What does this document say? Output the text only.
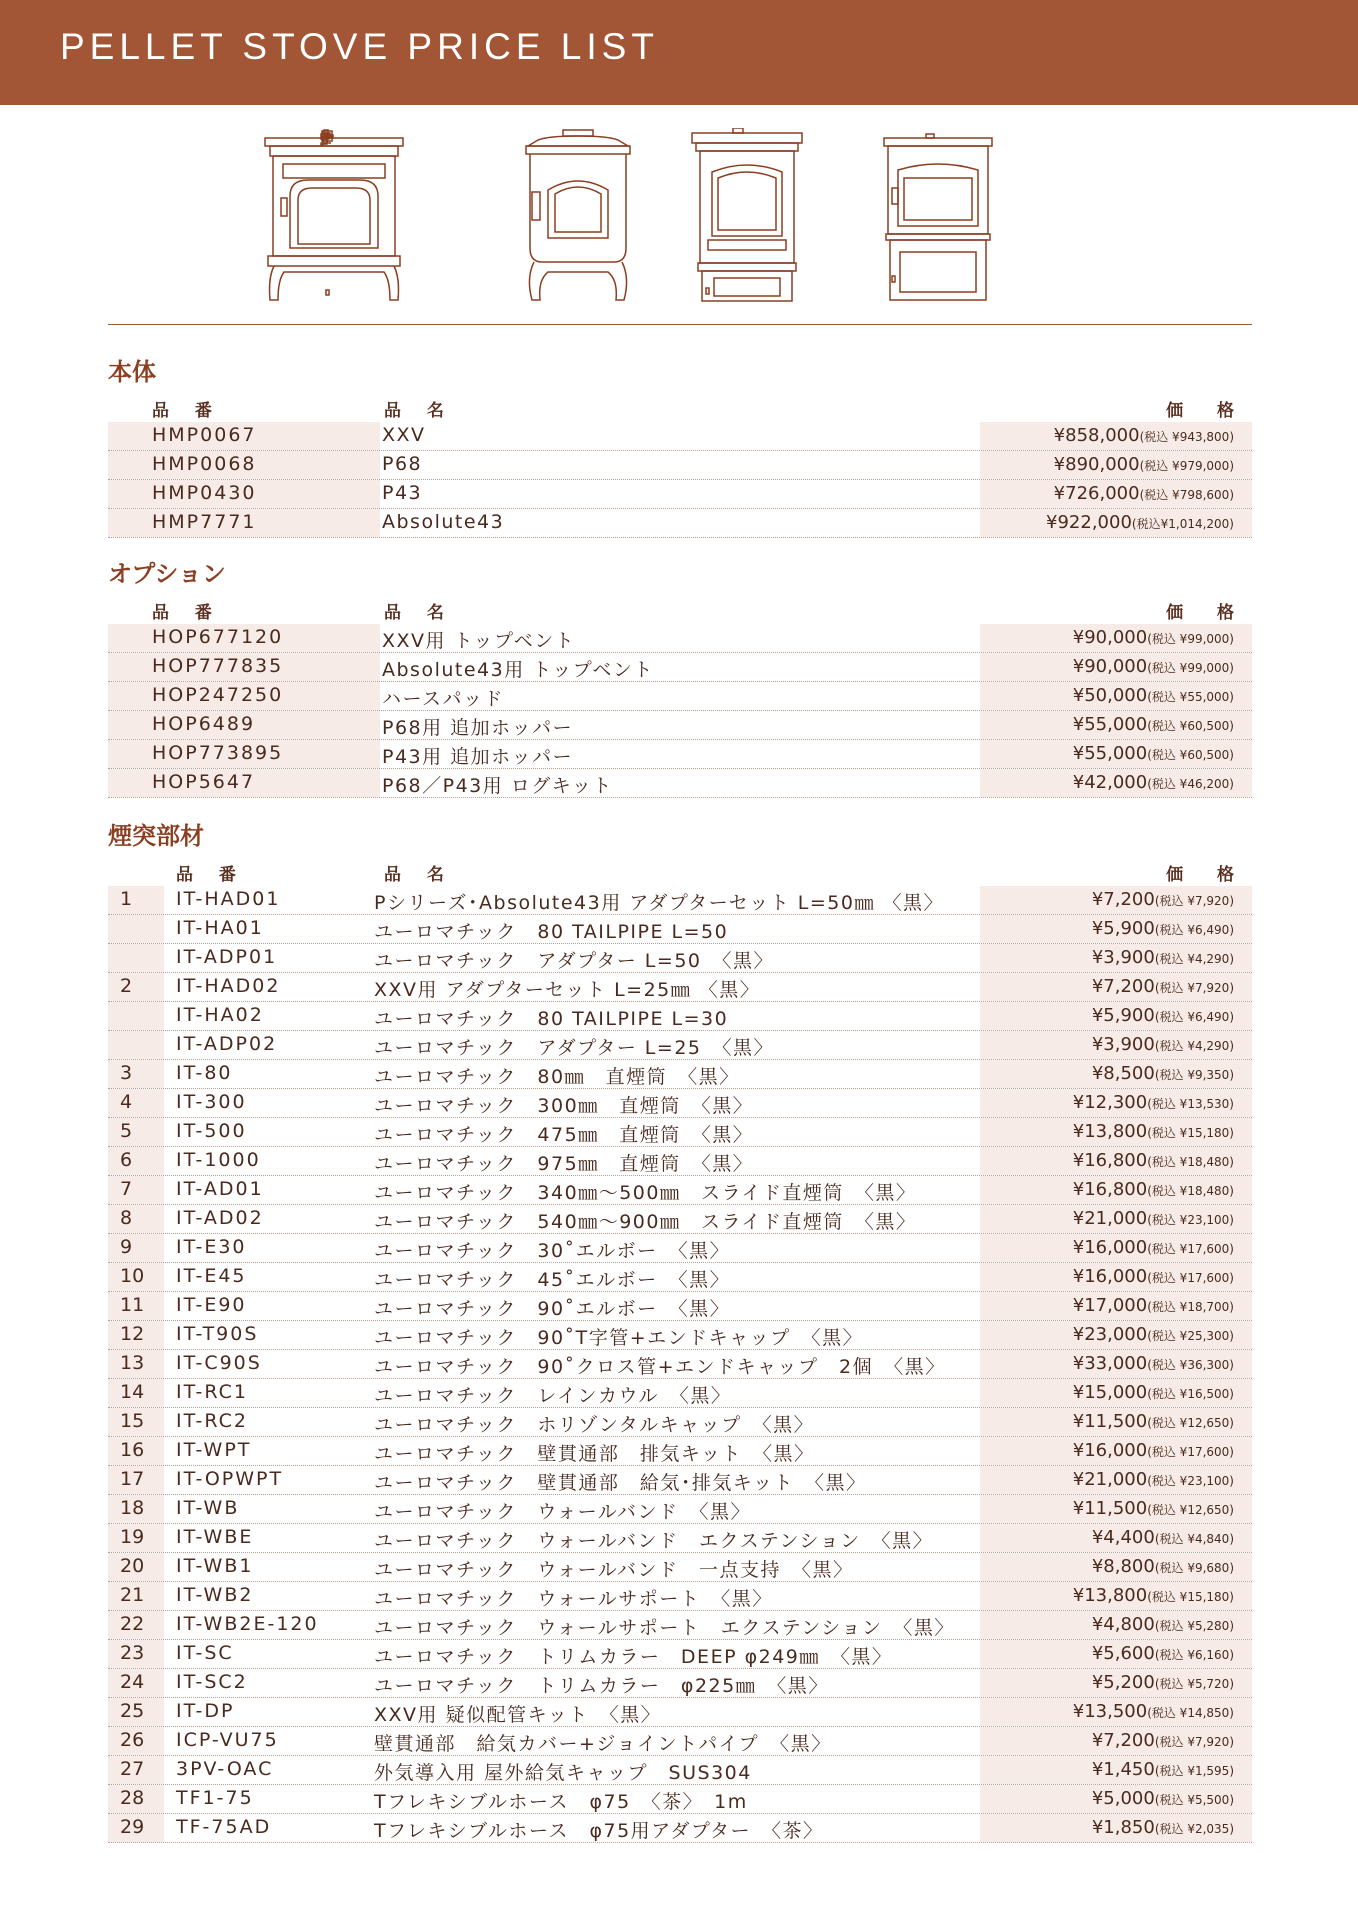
PELLET STOVE PRICE LIST
本体
品 番	品 名	価 格
HMP0067	XXV	¥858,000(税込 ¥943,800)
HMP0068	P68	¥890,000(税込 ¥979,000)
HMP0430	P43	¥726,000(税込 ¥798,600)
HMP7771	Absolute43	¥922,000(税込¥1,014,200)
オプション
品 番	品 名	価 格
HOP677120	XXV用 トップベント	¥90,000(税込 ¥99,000)
HOP777835	Absolute43用 トップベント	¥90,000(税込 ¥99,000)
HOP247250	ハースパッド	¥50,000(税込 ¥55,000)
HOP6489	P68用 追加ホッパー	¥55,000(税込 ¥60,500)
HOP773895	P43用 追加ホッパー	¥55,000(税込 ¥60,500)
HOP5647	P68／P43用 ログキット	¥42,000(税込 ¥46,200)
煙突部材
品 番	品 名	価 格
1 IT-HAD01	Pシリーズ･Absolute43用 アダプターセット L=50㎜ 〈黒〉	¥7,200(税込 ¥7,920)
IT-HA01	ユーロマチック　80 TAILPIPE L=50	¥5,900(税込 ¥6,490)
IT-ADP01	ユーロマチック　アダプター L=50　〈黒〉	¥3,900(税込 ¥4,290)
2 IT-HAD02	XXV用 アダプターセット L=25㎜ 〈黒〉	¥7,200(税込 ¥7,920)
IT-HA02	ユーロマチック　80 TAILPIPE L=30	¥5,900(税込 ¥6,490)
IT-ADP02	ユーロマチック　アダプター L=25　〈黒〉	¥3,900(税込 ¥4,290)
3 IT-80	ユーロマチック　80㎜　直煙筒　〈黒〉	¥8,500(税込 ¥9,350)
4 IT-300	ユーロマチック　300㎜　直煙筒　〈黒〉	¥12,300(税込 ¥13,530)
5 IT-500	ユーロマチック　475㎜　直煙筒　〈黒〉	¥13,800(税込 ¥15,180)
6 IT-1000	ユーロマチック　975㎜　直煙筒　〈黒〉	¥16,800(税込 ¥18,480)
7 IT-AD01	ユーロマチック　340㎜～500㎜　スライド直煙筒　〈黒〉	¥16,800(税込 ¥18,480)
8 IT-AD02	ユーロマチック　540㎜～900㎜　スライド直煙筒　〈黒〉	¥21,000(税込 ¥23,100)
9 IT-E30	ユーロマチック　30˚エルボー　〈黒〉	¥16,000(税込 ¥17,600)
10 IT-E45	ユーロマチック　45˚エルボー　〈黒〉	¥16,000(税込 ¥17,600)
11 IT-E90	ユーロマチック　90˚エルボー　〈黒〉	¥17,000(税込 ¥18,700)
12 IT-T90S	ユーロマチック　90˚T字管+エンドキャップ　〈黒〉	¥23,000(税込 ¥25,300)
13 IT-C90S	ユーロマチック　90˚クロス管+エンドキャップ　2個　〈黒〉	¥33,000(税込 ¥36,300)
14 IT-RC1	ユーロマチック　レインカウル　〈黒〉	¥15,000(税込 ¥16,500)
15 IT-RC2	ユーロマチック　ホリゾンタルキャップ　〈黒〉	¥11,500(税込 ¥12,650)
16 IT-WPT	ユーロマチック　壁貫通部　排気キット　〈黒〉	¥16,000(税込 ¥17,600)
17 IT-OPWPT	ユーロマチック　壁貫通部　給気･排気キット　〈黒〉	¥21,000(税込 ¥23,100)
18 IT-WB	ユーロマチック　ウォールバンド　〈黒〉	¥11,500(税込 ¥12,650)
19 IT-WBE	ユーロマチック　ウォールバンド　エクステンション　〈黒〉	¥4,400(税込 ¥4,840)
20 IT-WB1	ユーロマチック　ウォールバンド　一点支持　〈黒〉	¥8,800(税込 ¥9,680)
21 IT-WB2	ユーロマチック　ウォールサポート　〈黒〉	¥13,800(税込 ¥15,180)
22 IT-WB2E-120	ユーロマチック　ウォールサポート　エクステンション　〈黒〉	¥4,800(税込 ¥5,280)
23 IT-SC	ユーロマチック　トリムカラー　DEEP φ249㎜　〈黒〉	¥5,600(税込 ¥6,160)
24 IT-SC2	ユーロマチック　トリムカラー　φ225㎜　〈黒〉	¥5,200(税込 ¥5,720)
25 IT-DP	XXV用 疑似配管キット　〈黒〉	¥13,500(税込 ¥14,850)
26 ICP-VU75	壁貫通部　給気カバー+ジョイントパイプ　〈黒〉	¥7,200(税込 ¥7,920)
27 3PV-OAC	外気導入用 屋外給気キャップ　SUS304	¥1,450(税込 ¥1,595)
28 TF1-75	Tフレキシブルホース　φ75　〈茶〉　1m	¥5,000(税込 ¥5,500)
29 TF-75AD	Tフレキシブルホース　φ75用アダプター　〈茶〉	¥1,850(税込 ¥2,035)
